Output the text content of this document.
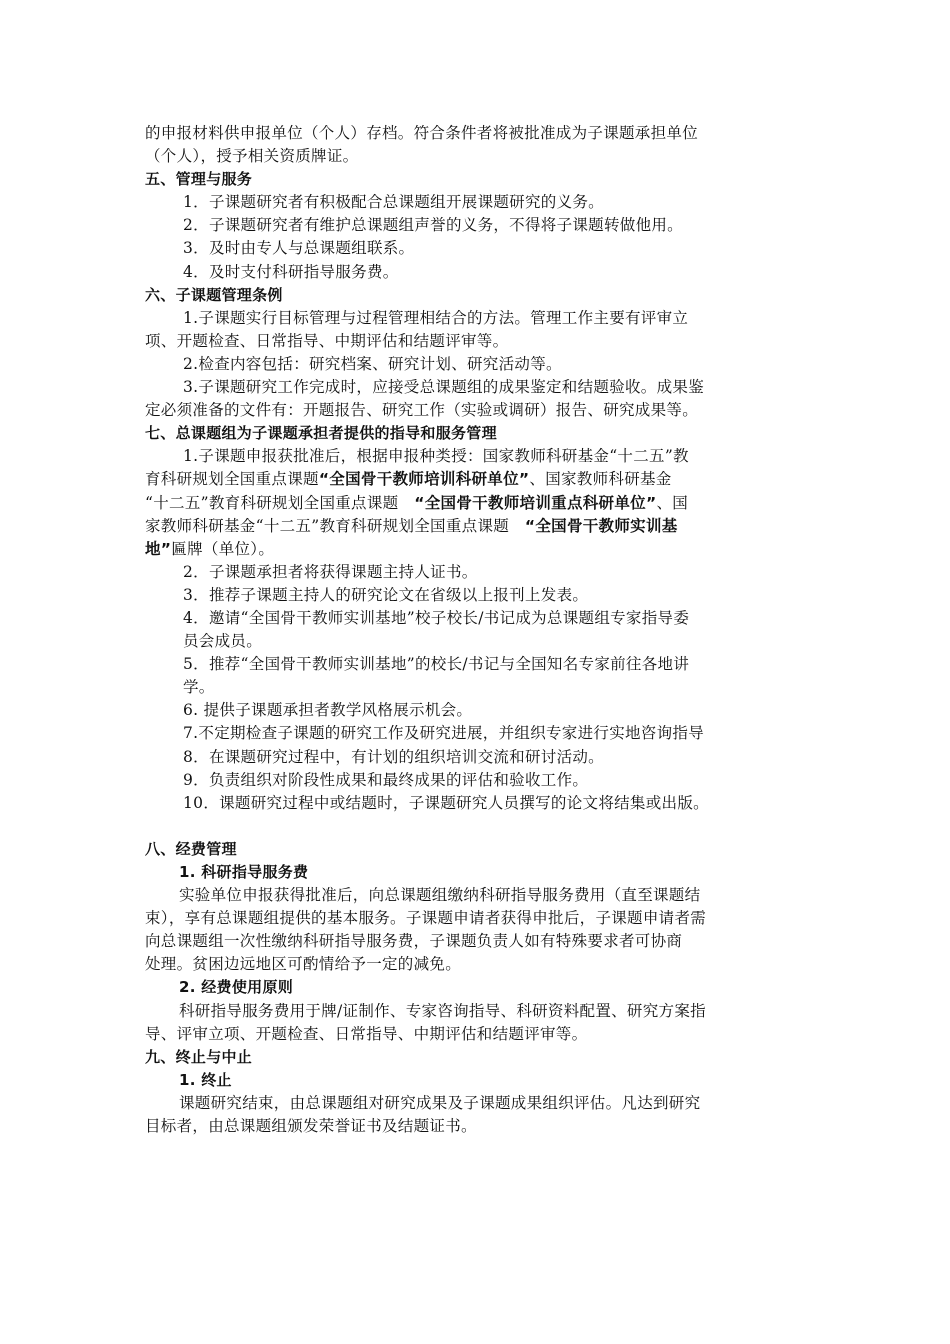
的申报材料供申报单位（个人）存档。符合条件者将被批准成为子课题承担单位
（个人），授予相关资质牌证。
五、管理与服务
1．子课题研究者有积极配合总课题组开展课题研究的义务。
2．子课题研究者有维护总课题组声誉的义务，不得将子课题转做他用。
3．及时由专人与总课题组联系。
4．及时支付科研指导服务费。
六、子课题管理条例
1.子课题实行目标管理与过程管理相结合的方法。管理工作主要有评审立
项、开题检查、日常指导、中期评估和结题评审等。
2.检查内容包括：研究档案、研究计划、研究活动等。
3.子课题研究工作完成时，应接受总课题组的成果鉴定和结题验收。成果鉴
定必须准备的文件有：开题报告、研究工作（实验或调研）报告、研究成果等。
七、总课题组为子课题承担者提供的指导和服务管理
1.子课题申报获批准后，根据申报种类授：国家教师科研基金“十二五”教
育科研规划全国重点课题“全国骨干教师培训科研单位”、国家教师科研基金
“十二五”教育科研规划全国重点课题　“全国骨干教师培训重点科研单位”、国
家教师科研基金“十二五”教育科研规划全国重点课题　“全国骨干教师实训基
地”匾牌（单位）。
2．子课题承担者将获得课题主持人证书。
3．推荐子课题主持人的研究论文在省级以上报刊上发表。
4．邀请“全国骨干教师实训基地”校子校长/书记成为总课题组专家指导委
员会成员。
5．推荐“全国骨干教师实训基地”的校长/书记与全国知名专家前往各地讲
学。
6. 提供子课题承担者教学风格展示机会。
7.不定期检查子课题的研究工作及研究进展，并组织专家进行实地咨询指导
8．在课题研究过程中，有计划的组织培训交流和研讨活动。
9．负责组织对阶段性成果和最终成果的评估和验收工作。
10．课题研究过程中或结题时，子课题研究人员撰写的论文将结集或出版。
八、经费管理
1. 科研指导服务费
实验单位申报获得批准后，向总课题组缴纳科研指导服务费用（直至课题结
束），享有总课题组提供的基本服务。子课题申请者获得申批后，子课题申请者需
向总课题组一次性缴纳科研指导服务费，子课题负责人如有特殊要求者可协商
处理。贫困边远地区可酌情给予一定的减免。
2. 经费使用原则
科研指导服务费用于牌/证制作、专家咨询指导、科研资料配置、研究方案指
导、评审立项、开题检查、日常指导、中期评估和结题评审等。
九、终止与中止
1. 终止
课题研究结束，由总课题组对研究成果及子课题成果组织评估。凡达到研究
目标者，由总课题组颁发荣誉证书及结题证书。
